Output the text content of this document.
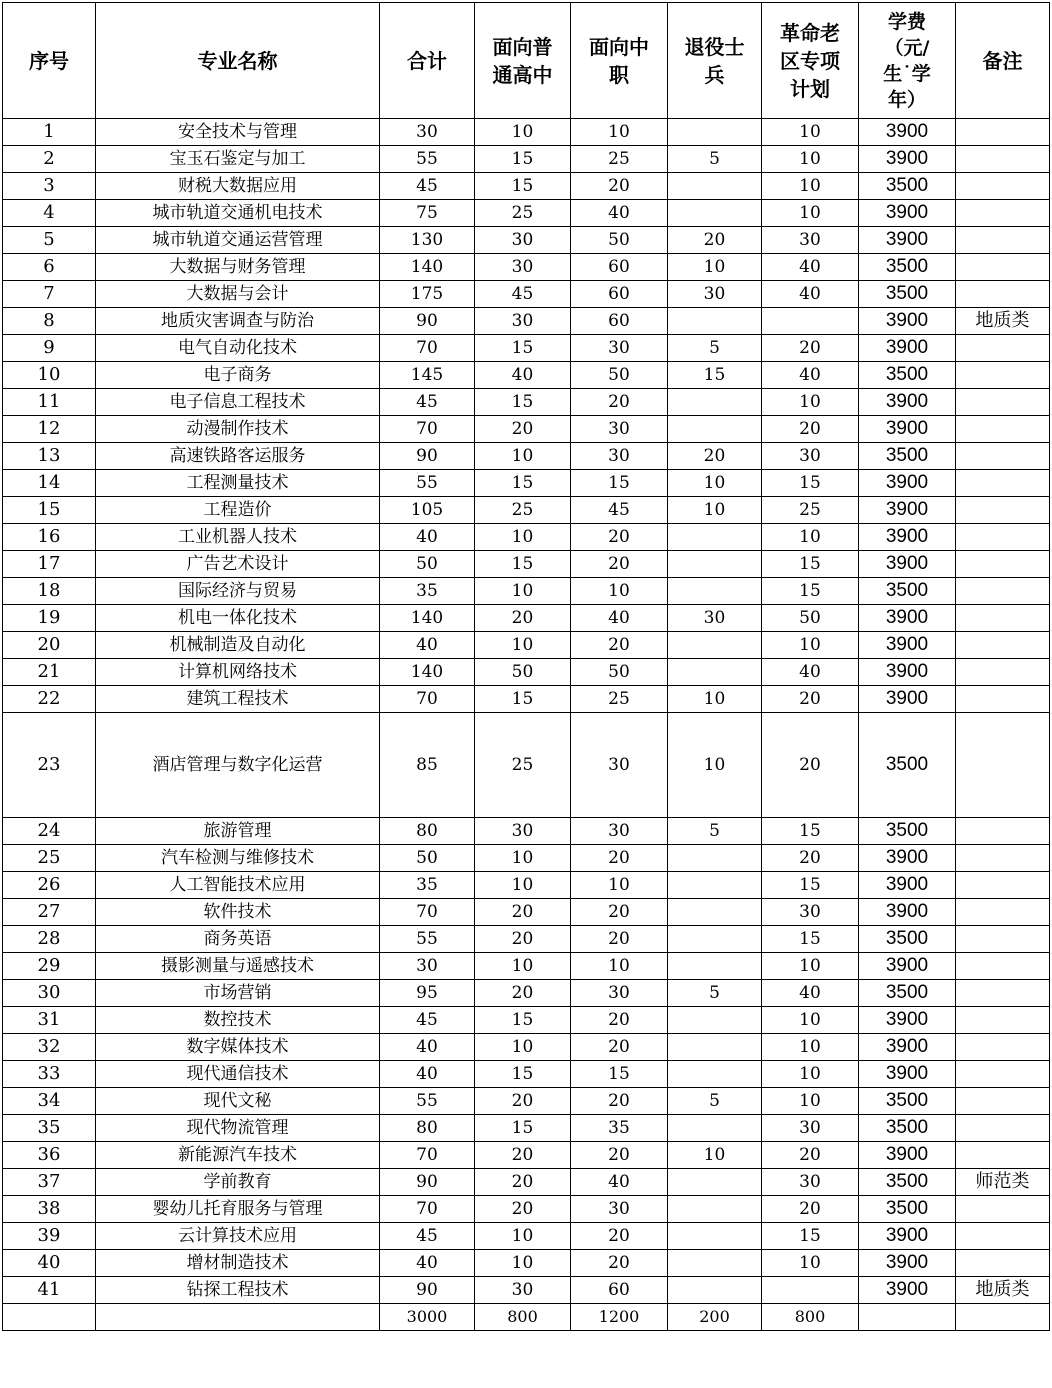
序号	专业名称	合计	面向普通高中	面向中职	退役士兵	革命老区专项计划	学费（元/生˙学年）	备注
1	安全技术与管理	30	10	10		10	3900	
2	宝玉石鉴定与加工	55	15	25	5	10	3900	
3	财税大数据应用	45	15	20		10	3500	
4	城市轨道交通机电技术	75	25	40		10	3900	
5	城市轨道交通运营管理	130	30	50	20	30	3900	
6	大数据与财务管理	140	30	60	10	40	3500	
7	大数据与会计	175	45	60	30	40	3500	
8	地质灾害调查与防治	90	30	60			3900	地质类
9	电气自动化技术	70	15	30	5	20	3900	
10	电子商务	145	40	50	15	40	3500	
11	电子信息工程技术	45	15	20		10	3900	
12	动漫制作技术	70	20	30		20	3900	
13	高速铁路客运服务	90	10	30	20	30	3500	
14	工程测量技术	55	15	15	10	15	3900	
15	工程造价	105	25	45	10	25	3900	
16	工业机器人技术	40	10	20		10	3900	
17	广告艺术设计	50	15	20		15	3900	
18	国际经济与贸易	35	10	10		15	3500	
19	机电一体化技术	140	20	40	30	50	3900	
20	机械制造及自动化	40	10	20		10	3900	
21	计算机网络技术	140	50	50		40	3900	
22	建筑工程技术	70	15	25	10	20	3900	
23	酒店管理与数字化运营	85	25	30	10	20	3500	
24	旅游管理	80	30	30	5	15	3500	
25	汽车检测与维修技术	50	10	20		20	3900	
26	人工智能技术应用	35	10	10		15	3900	
27	软件技术	70	20	20		30	3900	
28	商务英语	55	20	20		15	3500	
29	摄影测量与遥感技术	30	10	10		10	3900	
30	市场营销	95	20	30	5	40	3500	
31	数控技术	45	15	20		10	3900	
32	数字媒体技术	40	10	20		10	3900	
33	现代通信技术	40	15	15		10	3900	
34	现代文秘	55	20	20	5	10	3500	
35	现代物流管理	80	15	35		30	3500	
36	新能源汽车技术	70	20	20	10	20	3900	
37	学前教育	90	20	40		30	3500	师范类
38	婴幼儿托育服务与管理	70	20	30		20	3500	
39	云计算技术应用	45	10	20		15	3900	
40	增材制造技术	40	10	20		10	3900	
41	钻探工程技术	90	30	60			3900	地质类
		3000	800	1200	200	800		
